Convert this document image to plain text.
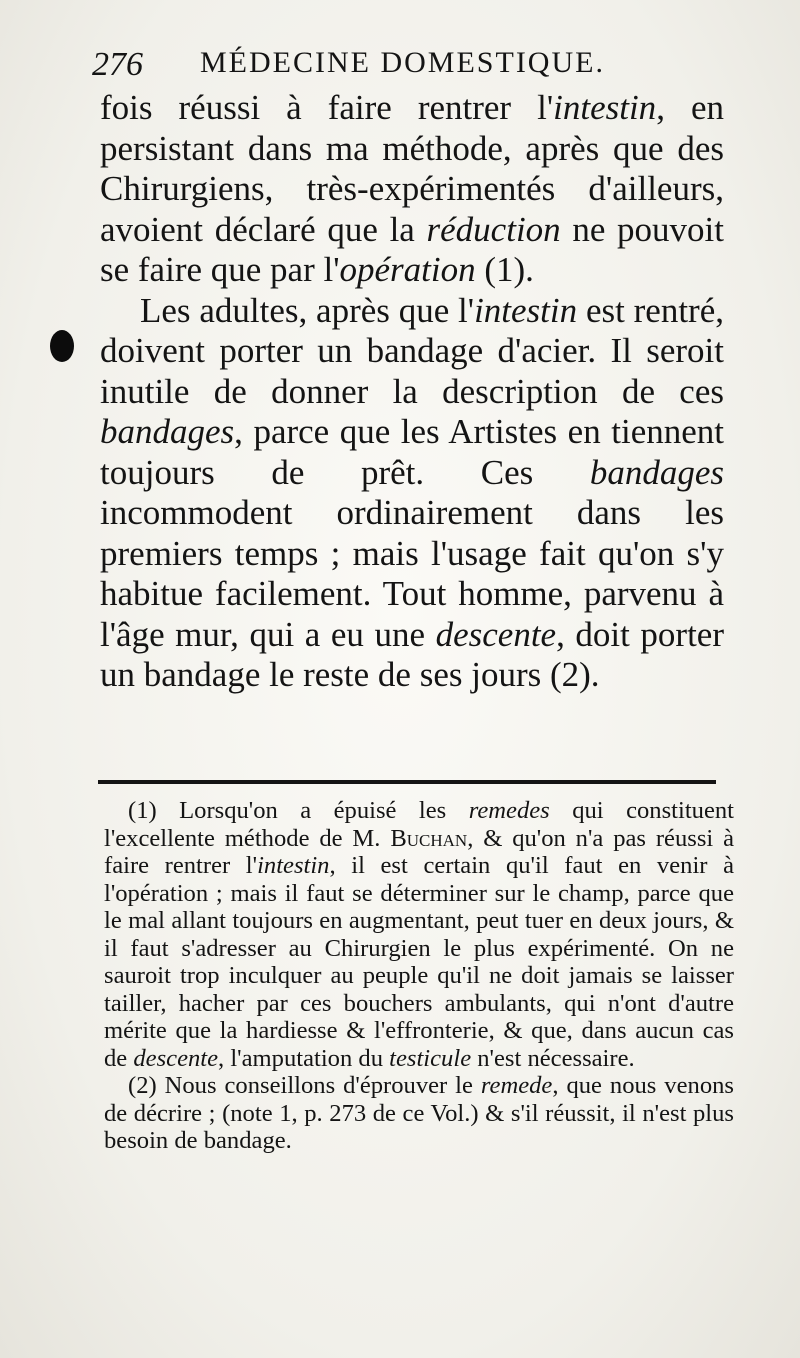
276 MÉDECINE DOMESTIQUE.

fois réussi à faire rentrer l'intestin, en persistant dans ma méthode, après que des Chirurgiens, très-expérimentés d'ailleurs, avoient déclaré que la réduction ne pouvoit se faire que par l'opération (1).

Les adultes, après que l'intestin est rentré, doivent porter un bandage d'acier. Il seroit inutile de donner la description de ces bandages, parce que les Artistes en tiennent toujours de prêt. Ces bandages incommodent ordinairement dans les premiers temps ; mais l'usage fait qu'on s'y habitue facilement. Tout homme, parvenu à l'âge mur, qui a eu une descente, doit porter un bandage le reste de ses jours (2).

(1) Lorsqu'on a épuisé les remedes qui constituent l'excellente méthode de M. Buchan, & qu'on n'a pas réussi à faire rentrer l'intestin, il est certain qu'il faut en venir à l'opération ; mais il faut se déterminer sur le champ, parce que le mal allant toujours en augmentant, peut tuer en deux jours, & il faut s'adresser au Chirurgien le plus expérimenté. On ne sauroit trop inculquer au peuple qu'il ne doit jamais se laisser tailler, hacher par ces bouchers ambulants, qui n'ont d'autre mérite que la hardiesse & l'effronterie, & que, dans aucun cas de descente, l'amputation du testicule n'est nécessaire.

(2) Nous conseillons d'éprouver le remede, que nous venons de décrire ; (note 1, p. 273 de ce Vol.) & s'il réussit, il n'est plus besoin de bandage.
